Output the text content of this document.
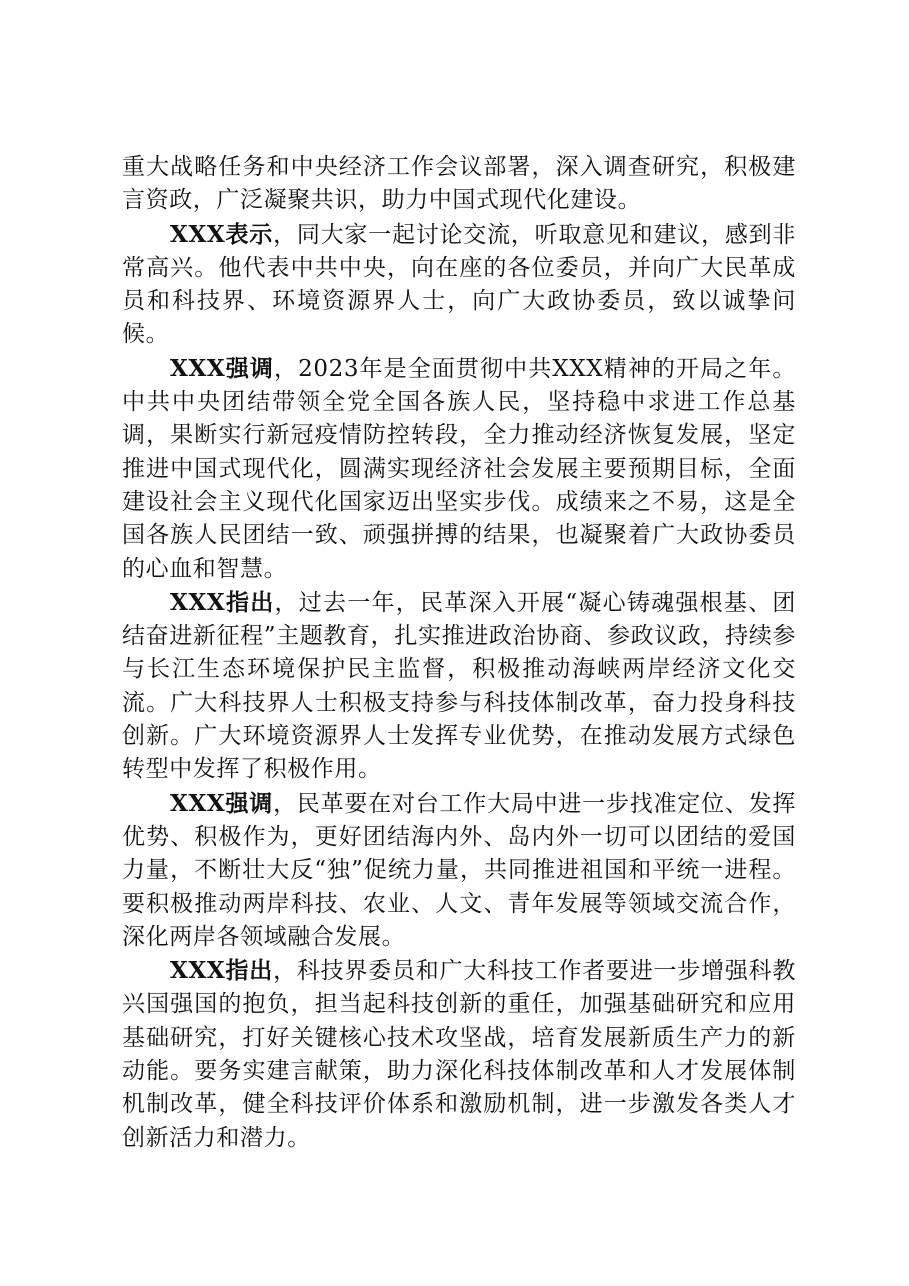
重大战略任务和中央经济工作会议部署，深入调查研究，积极建言资政，广泛凝聚共识，助力中国式现代化建设。

XXX表示，同大家一起讨论交流，听取意见和建议，感到非常高兴。他代表中共中央，向在座的各位委员，并向广大民革成员和科技界、环境资源界人士，向广大政协委员，致以诚挚问候。

XXX强调，2023年是全面贯彻中共XXX精神的开局之年。中共中央团结带领全党全国各族人民，坚持稳中求进工作总基调，果断实行新冠疫情防控转段，全力推动经济恢复发展，坚定推进中国式现代化，圆满实现经济社会发展主要预期目标，全面建设社会主义现代化国家迈出坚实步伐。成绩来之不易，这是全国各族人民团结一致、顽强拼搏的结果，也凝聚着广大政协委员的心血和智慧。

XXX指出，过去一年，民革深入开展“凝心铸魂强根基、团结奋进新征程”主题教育，扎实推进政治协商、参政议政，持续参与长江生态环境保护民主监督，积极推动海峡两岸经济文化交流。广大科技界人士积极支持参与科技体制改革，奋力投身科技创新。广大环境资源界人士发挥专业优势，在推动发展方式绿色转型中发挥了积极作用。

XXX强调，民革要在对台工作大局中进一步找准定位、发挥优势、积极作为，更好团结海内外、岛内外一切可以团结的爱国力量，不断壮大反“独”促统力量，共同推进祖国和平统一进程。要积极推动两岸科技、农业、人文、青年发展等领域交流合作，深化两岸各领域融合发展。

XXX指出，科技界委员和广大科技工作者要进一步增强科教兴国强国的抱负，担当起科技创新的重任，加强基础研究和应用基础研究，打好关键核心技术攻坚战，培育发展新质生产力的新动能。要务实建言献策，助力深化科技体制改革和人才发展体制机制改革，健全科技评价体系和激励机制，进一步激发各类人才创新活力和潜力。
